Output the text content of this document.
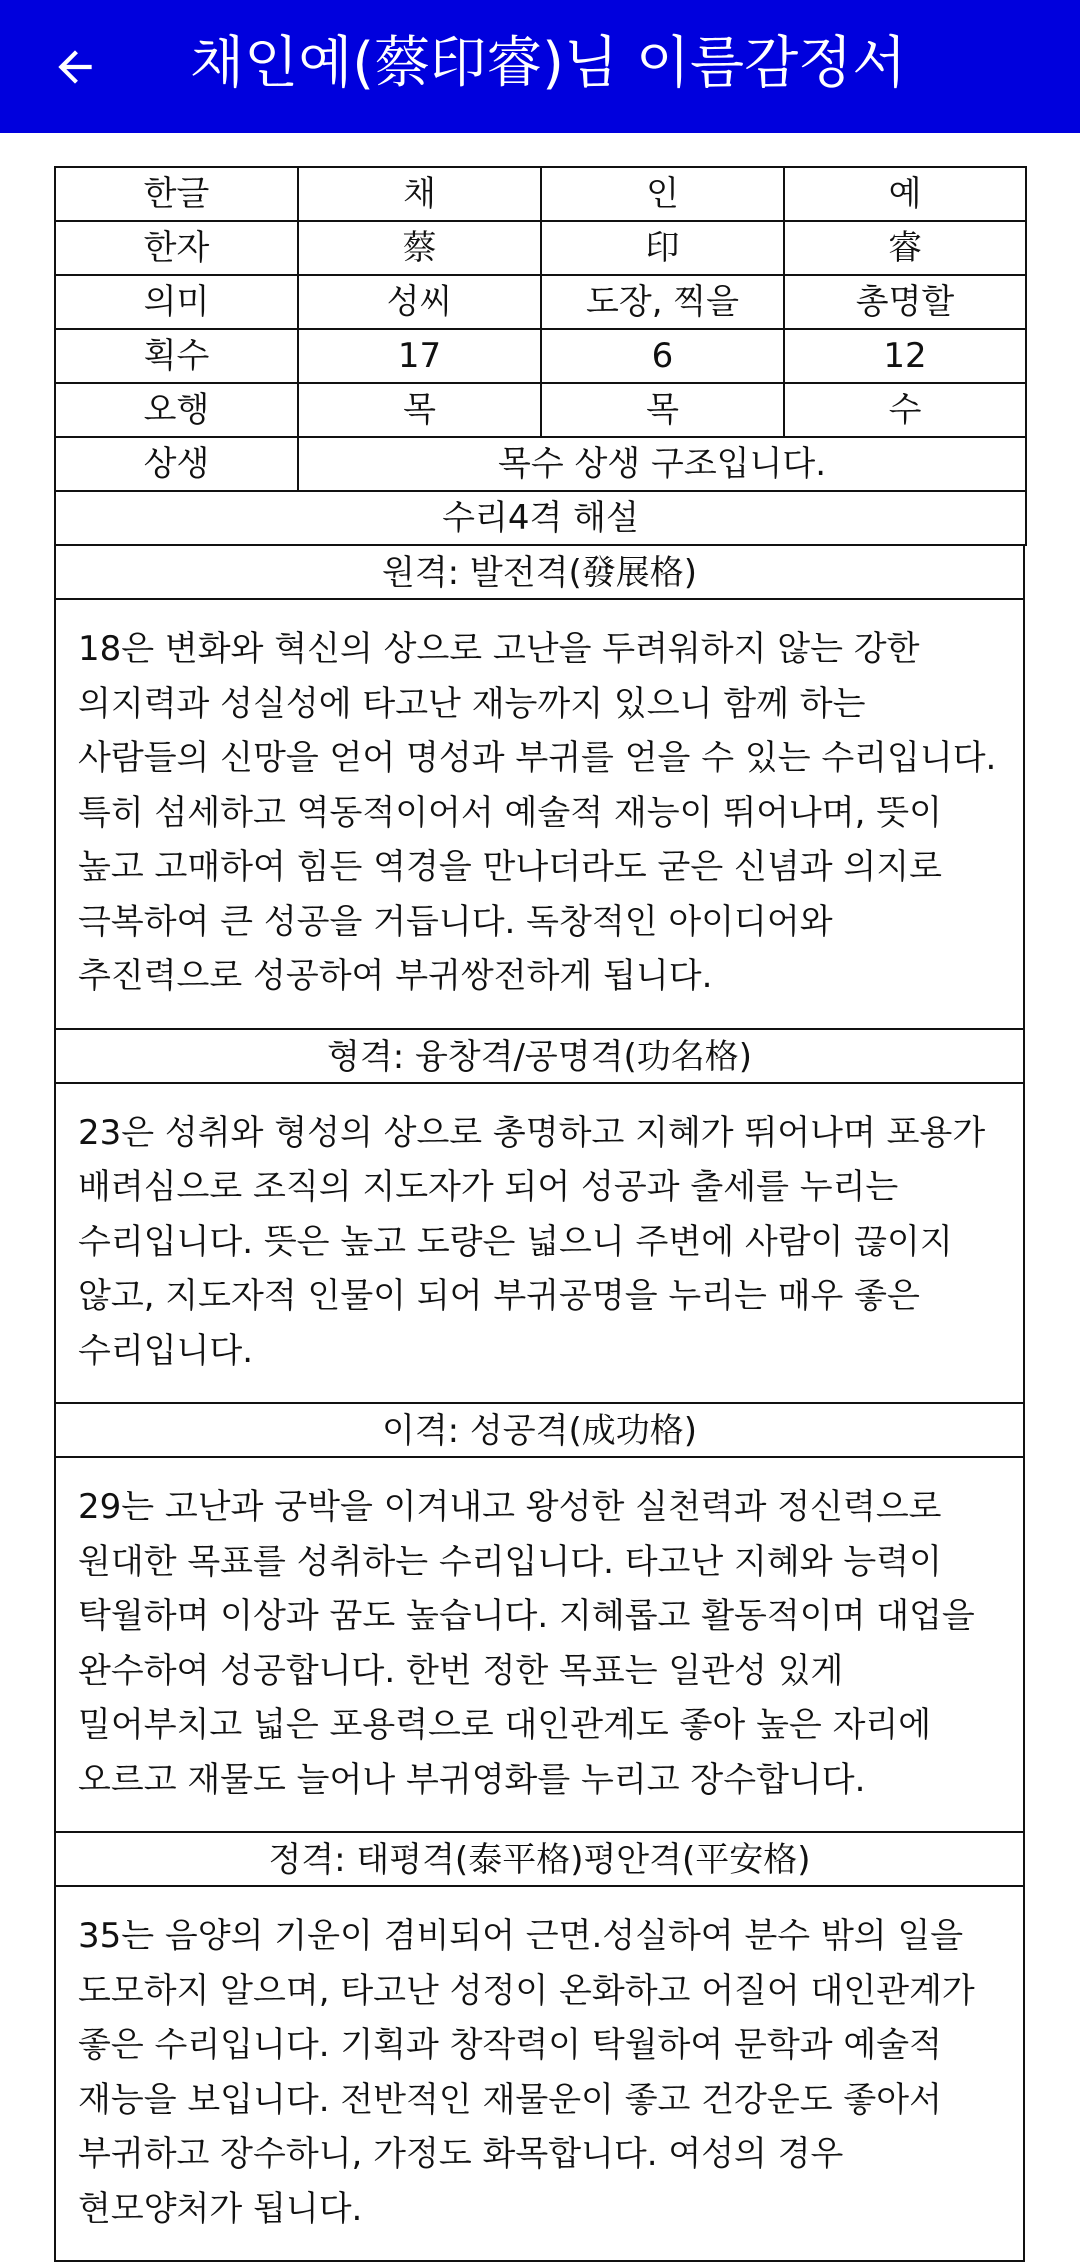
채인예(蔡印睿)님 이름감정서
한글	채	인	예
한자	蔡	印	睿
의미	성씨	도장, 찍을	총명할
획수	17	6	12
오행	목	목	수
상생	목수 상생 구조입니다.		
수리4격 해설			
원격: 발전격(發展格)
18은 변화와 혁신의 상으로 고난을 두려워하지 않는 강한 의지력과 성실성에 타고난 재능까지 있으니 함께 하는 사람들의 신망을 얻어 명성과 부귀를 얻을 수 있는 수리입니다. 특히 섬세하고 역동적이어서 예술적 재능이 뛰어나며, 뜻이 높고 고매하여 힘든 역경을 만나더라도 굳은 신념과 의지로 극복하여 큰 성공을 거듭니다. 독창적인 아이디어와 추진력으로 성공하여 부귀쌍전하게 됩니다.
형격: 융창격/공명격(功名格)
23은 성취와 형성의 상으로 총명하고 지혜가 뛰어나며 포용가 배려심으로 조직의 지도자가 되어 성공과 출세를 누리는 수리입니다. 뜻은 높고 도량은 넓으니 주변에 사람이 끊이지 않고, 지도자적 인물이 되어 부귀공명을 누리는 매우 좋은 수리입니다.
이격: 성공격(成功格)
29는 고난과 궁박을 이겨내고 왕성한 실천력과 정신력으로 원대한 목표를 성취하는 수리입니다. 타고난 지혜와 능력이 탁월하며 이상과 꿈도 높습니다. 지혜롭고 활동적이며 대업을 완수하여 성공합니다. 한번 정한 목표는 일관성 있게 밀어부치고 넓은 포용력으로 대인관계도 좋아 높은 자리에 오르고 재물도 늘어나 부귀영화를 누리고 장수합니다.
정격: 태평격(泰平格)평안격(平安格)
35는 음양의 기운이 겸비되어 근면.성실하여 분수 밖의 일을 도모하지 알으며, 타고난 성정이 온화하고 어질어 대인관계가 좋은 수리입니다. 기획과 창작력이 탁월하여 문학과 예술적 재능을 보입니다. 전반적인 재물운이 좋고 건강운도 좋아서 부귀하고 장수하니, 가정도 화목합니다. 여성의 경우 현모양처가 됩니다.
